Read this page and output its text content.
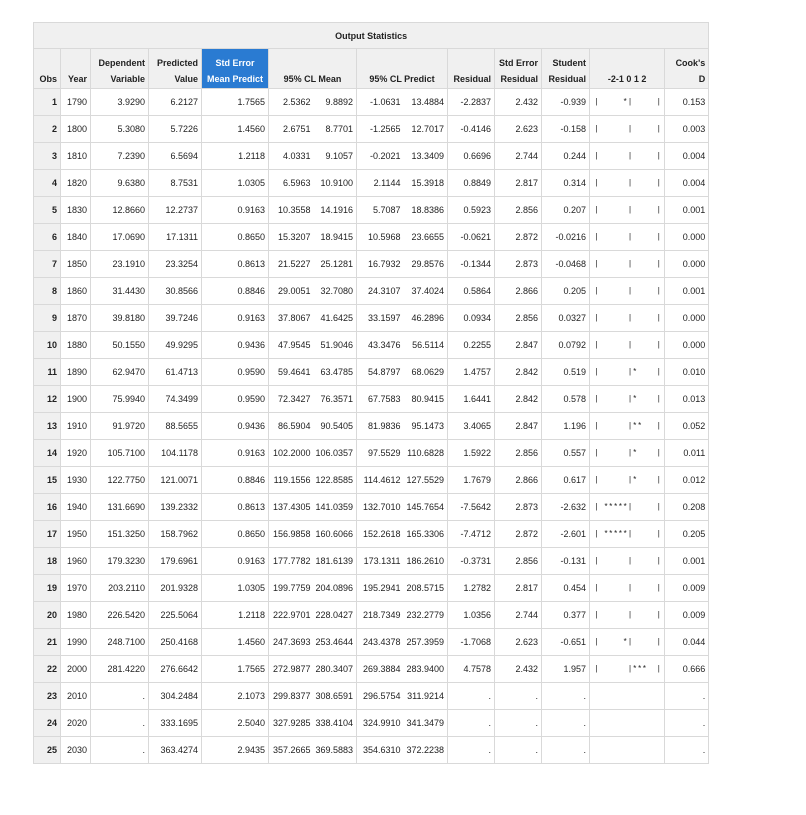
Output Statistics													
		Dependent	Predicted	Std Error						Std Error	Student		Cook's
Obs	Year	Variable	Value	Mean Predict	95% CL Mean		95% CL Predict		Residual	Residual	Residual	-2-1 0 1 2	D
1	1790	3.9290	6.2127	1.7565	2.5362	9.8892	-1.0631	13.4884	-2.2837	2.432	-0.939	|     *|     |	0.153
2	1800	5.3080	5.7226	1.4560	2.6751	8.7701	-1.2565	12.7017	-0.4146	2.623	-0.158	|      |     |	0.003
3	1810	7.2390	6.5694	1.2118	4.0331	9.1057	-0.2021	13.3409	0.6696	2.744	0.244	|      |     |	0.004
4	1820	9.6380	8.7531	1.0305	6.5963	10.9100	2.1144	15.3918	0.8849	2.817	0.314	|      |     |	0.004
5	1830	12.8660	12.2737	0.9163	10.3558	14.1916	5.7087	18.8386	0.5923	2.856	0.207	|      |     |	0.001
6	1840	17.0690	17.1311	0.8650	15.3207	18.9415	10.5968	23.6655	-0.0621	2.872	-0.0216	|      |     |	0.000
7	1850	23.1910	23.3254	0.8613	21.5227	25.1281	16.7932	29.8576	-0.1344	2.873	-0.0468	|      |     |	0.000
8	1860	31.4430	30.8566	0.8846	29.0051	32.7080	24.3107	37.4024	0.5864	2.866	0.205	|      |     |	0.001
9	1870	39.8180	39.7246	0.9163	37.8067	41.6425	33.1597	46.2896	0.0934	2.856	0.0327	|      |     |	0.000
10	1880	50.1550	49.9295	0.9436	47.9545	51.9046	43.3476	56.5114	0.2255	2.847	0.0792	|      |     |	0.000
11	1890	62.9470	61.4713	0.9590	59.4641	63.4785	54.8797	68.0629	1.4757	2.842	0.519	|      |*    |	0.010
12	1900	75.9940	74.3499	0.9590	72.3427	76.3571	67.7583	80.9415	1.6441	2.842	0.578	|      |*    |	0.013
13	1910	91.9720	88.5655	0.9436	86.5904	90.5405	81.9836	95.1473	3.4065	2.847	1.196	|      |**   |	0.052
14	1920	105.7100	104.1178	0.9163	102.2000	106.0357	97.5529	110.6828	1.5922	2.856	0.557	|      |*    |	0.011
15	1930	122.7750	121.0071	0.8846	119.1556	122.8585	114.4612	127.5529	1.7679	2.866	0.617	|      |*    |	0.012
16	1940	131.6690	139.2332	0.8613	137.4305	141.0359	132.7010	145.7654	-7.5642	2.873	-2.632	| *****|     |	0.208
17	1950	151.3250	158.7962	0.8650	156.9858	160.6066	152.2618	165.3306	-7.4712	2.872	-2.601	| *****|     |	0.205
18	1960	179.3230	179.6961	0.9163	177.7782	181.6139	173.1311	186.2610	-0.3731	2.856	-0.131	|      |     |	0.001
19	1970	203.2110	201.9328	1.0305	199.7759	204.0896	195.2941	208.5715	1.2782	2.817	0.454	|      |     |	0.009
20	1980	226.5420	225.5064	1.2118	222.9701	228.0427	218.7349	232.2779	1.0356	2.744	0.377	|      |     |	0.009
21	1990	248.7100	250.4168	1.4560	247.3693	253.4644	243.4378	257.3959	-1.7068	2.623	-0.651	|     *|     |	0.044
22	2000	281.4220	276.6642	1.7565	272.9877	280.3407	269.3884	283.9400	4.7578	2.432	1.957	|      |***  |	0.666
23	2010	.	304.2484	2.1073	299.8377	308.6591	296.5754	311.9214	.	.	.		.
24	2020	.	333.1695	2.5040	327.9285	338.4104	324.9910	341.3479	.	.	.		.
25	2030	.	363.4274	2.9435	357.2665	369.5883	354.6310	372.2238	.	.	.		.
